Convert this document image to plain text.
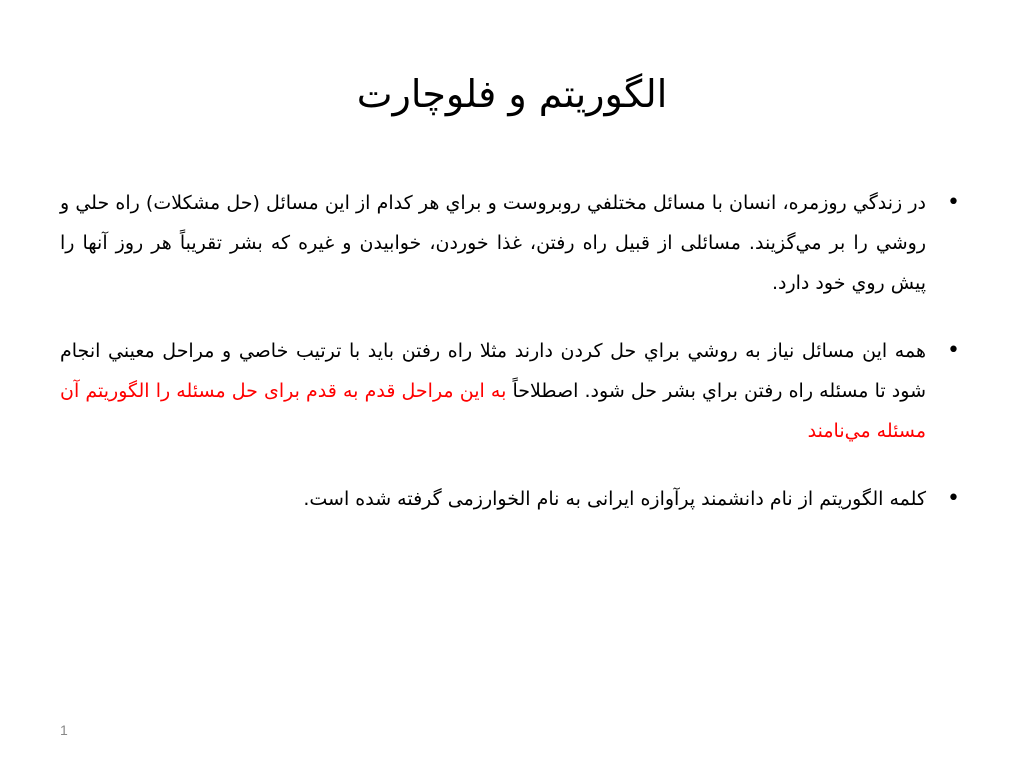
الگوریتم و فلوچارت
•
در زندگي روزمره، انسان با مسائل مختلفي روبروست و براي هر كدام از اين مسائل (حل مشكلات) راه حلي و روشي را بر مي‌گزيند. مسائلی از قبيل راه رفتن، غذا خوردن، خوابيدن و غيره كه بشر تقريباً هر روز آنها را پيش روي خود دارد.
•
همه اين مسائل نياز به روشي براي حل كردن دارند مثلا راه رفتن بايد با ترتيب خاصي و مراحل معيني انجام شود تا مسئله راه رفتن براي بشر حل شود. اصطلاحاً به اين مراحل قدم به قدم برای حل مسئله را الگوريتم آن مسئله مي‌نامند
•
كلمه الگوريتم از نام دانشمند پرآوازه ایرانی به نام الخوارزمی گرفته شده است.
1
